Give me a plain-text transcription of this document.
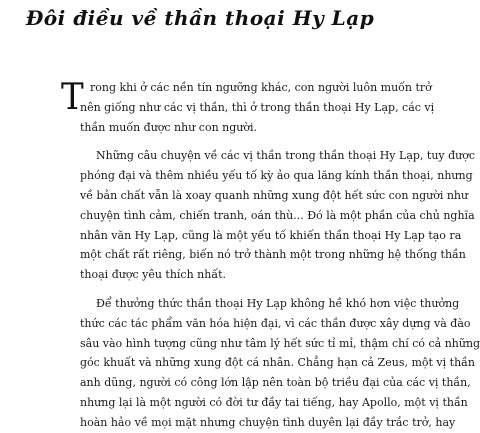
Đôi điều về thần thoại Hy Lạp
T rong khi ở các nền tín ngưỡng khác, con người luôn muốn trở
nên giống như các vị thần, thì ở trong thần thoại Hy Lạp, các vị
thần muốn được như con người.
Những câu chuyện về các vị thần trong thần thoại Hy Lạp, tuy được
phóng đại và thêm nhiều yếu tố kỳ ảo qua lăng kính thần thoại, nhưng
về bản chất vẫn là xoay quanh những xung đột hết sức con người như
chuyện tình cảm, chiến tranh, oán thù... Đó là một phần của chủ nghĩa
nhân văn Hy Lạp, cũng là một yếu tố khiến thần thoại Hy Lạp tạo ra
một chất rất riêng, biến nó trở thành một trong những hệ thống thần
thoại được yêu thích nhất.
Để thưởng thức thần thoại Hy Lạp không hề khó hơn việc thưởng
thức các tác phẩm văn hóa hiện đại, vì các thần được xây dựng và đào
sâu vào hình tượng cũng như tâm lý hết sức tỉ mỉ, thậm chí có cả những
góc khuất và những xung đột cá nhân. Chẳng hạn cả Zeus, một vị thần
anh dũng, người có công lớn lập nên toàn bộ triều đại của các vị thần,
nhưng lại là một người có đời tư đầy tai tiếng, hay Apollo, một vị thần
hoàn hảo về mọi mặt nhưng chuyện tình duyên lại đầy trắc trở, hay
